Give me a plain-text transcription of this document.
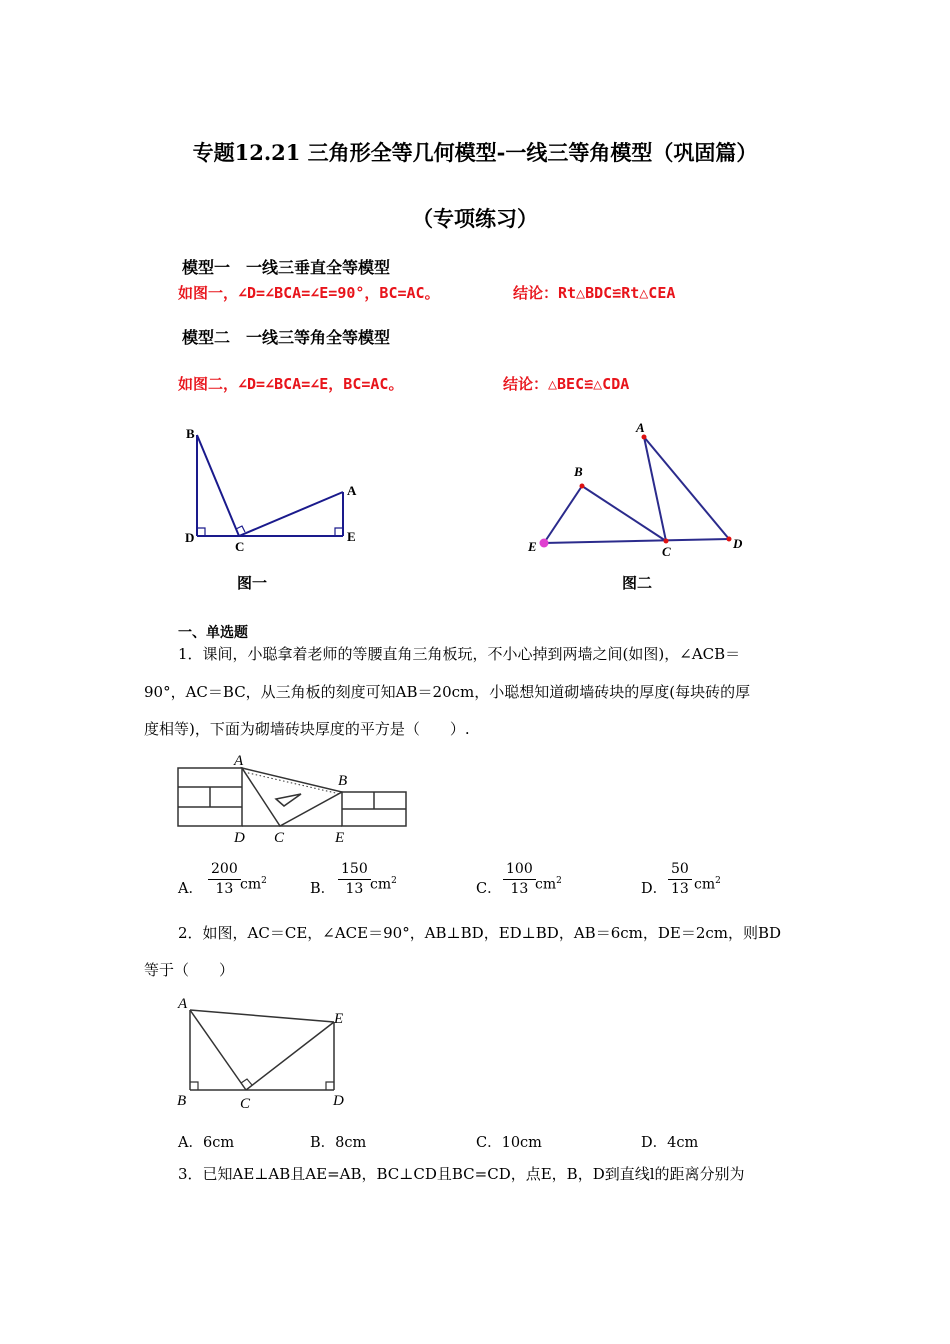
专题12.21 三角形全等几何模型-一线三等角模型（巩固篇）
（专项练习）
模型一　一线三垂直全等模型
如图一，∠D=∠BCA=∠E=90°，BC=AC。	结论：Rt△BDC≌Rt△CEA
模型二　一线三等角全等模型
如图二，∠D=∠BCA=∠E，BC=AC。	结论：△BEC≌△CDA
B
D
C
A
E
图一
A
B
E	C
D
图二
一、单选题
1．课间，小聪拿着老师的等腰直角三角板玩，不小心掉到两墙之间(如图)，∠ACB＝
90°，AC＝BC，从三角板的刻度可知AB＝20cm，小聪想知道砌墙砖块的厚度(每块砖的厚
度相等)，下面为砌墙砖块厚度的平方是（　　）.
A
B
C
D	E
A． $\frac{200}{13} cm^2$	B． $\frac{150}{13} cm^2$	C． $\frac{100}{13} cm^2$	D． $\frac{50}{13} cm^2$
2．如图，AC＝CE，∠ACE＝90°，AB⊥BD，ED⊥BD，AB＝6cm，DE＝2cm，则BD
等于（　　）
A
E
B	C	D
A．6cm	B．8cm	C．10cm	D．4cm
3．已知AE⊥AB且AE=AB，BC⊥CD且BC=CD，点E，B，D到直线l的距离分别为
